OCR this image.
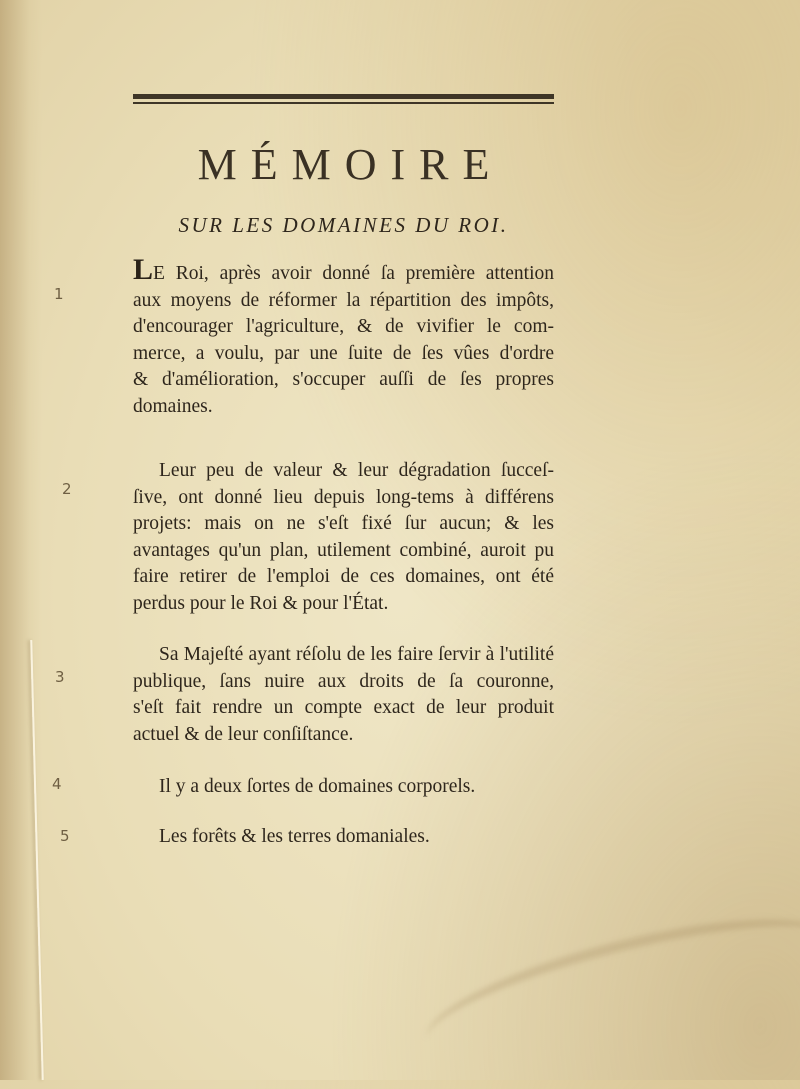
MÉMOIRE
SUR LES DOMAINES DU ROI.
LE Roi, après avoir donné ſa première attention
aux moyens de réformer la répartition des impôts,
d'encourager l'agriculture, & de vivifier le com-
merce, a voulu, par une ſuite de ſes vûes d'ordre
& d'amélioration, s'occuper auſſi de ſes propres
domaines.
Leur peu de valeur & leur dégradation ſucceſ-
ſive, ont donné lieu depuis long-tems à différens
projets: mais on ne s'eſt fixé ſur aucun; & les
avantages qu'un plan, utilement combiné, auroit pu
faire retirer de l'emploi de ces domaines, ont été
perdus pour le Roi & pour l'État.
Sa Majeſté ayant réſolu de les faire ſervir à l'utilité
publique, ſans nuire aux droits de ſa couronne,
s'eſt fait rendre un compte exact de leur produit
actuel & de leur conſiſtance.
Il y a deux ſortes de domaines corporels.
Les forêts & les terres domaniales.
1
2
3
4
5
